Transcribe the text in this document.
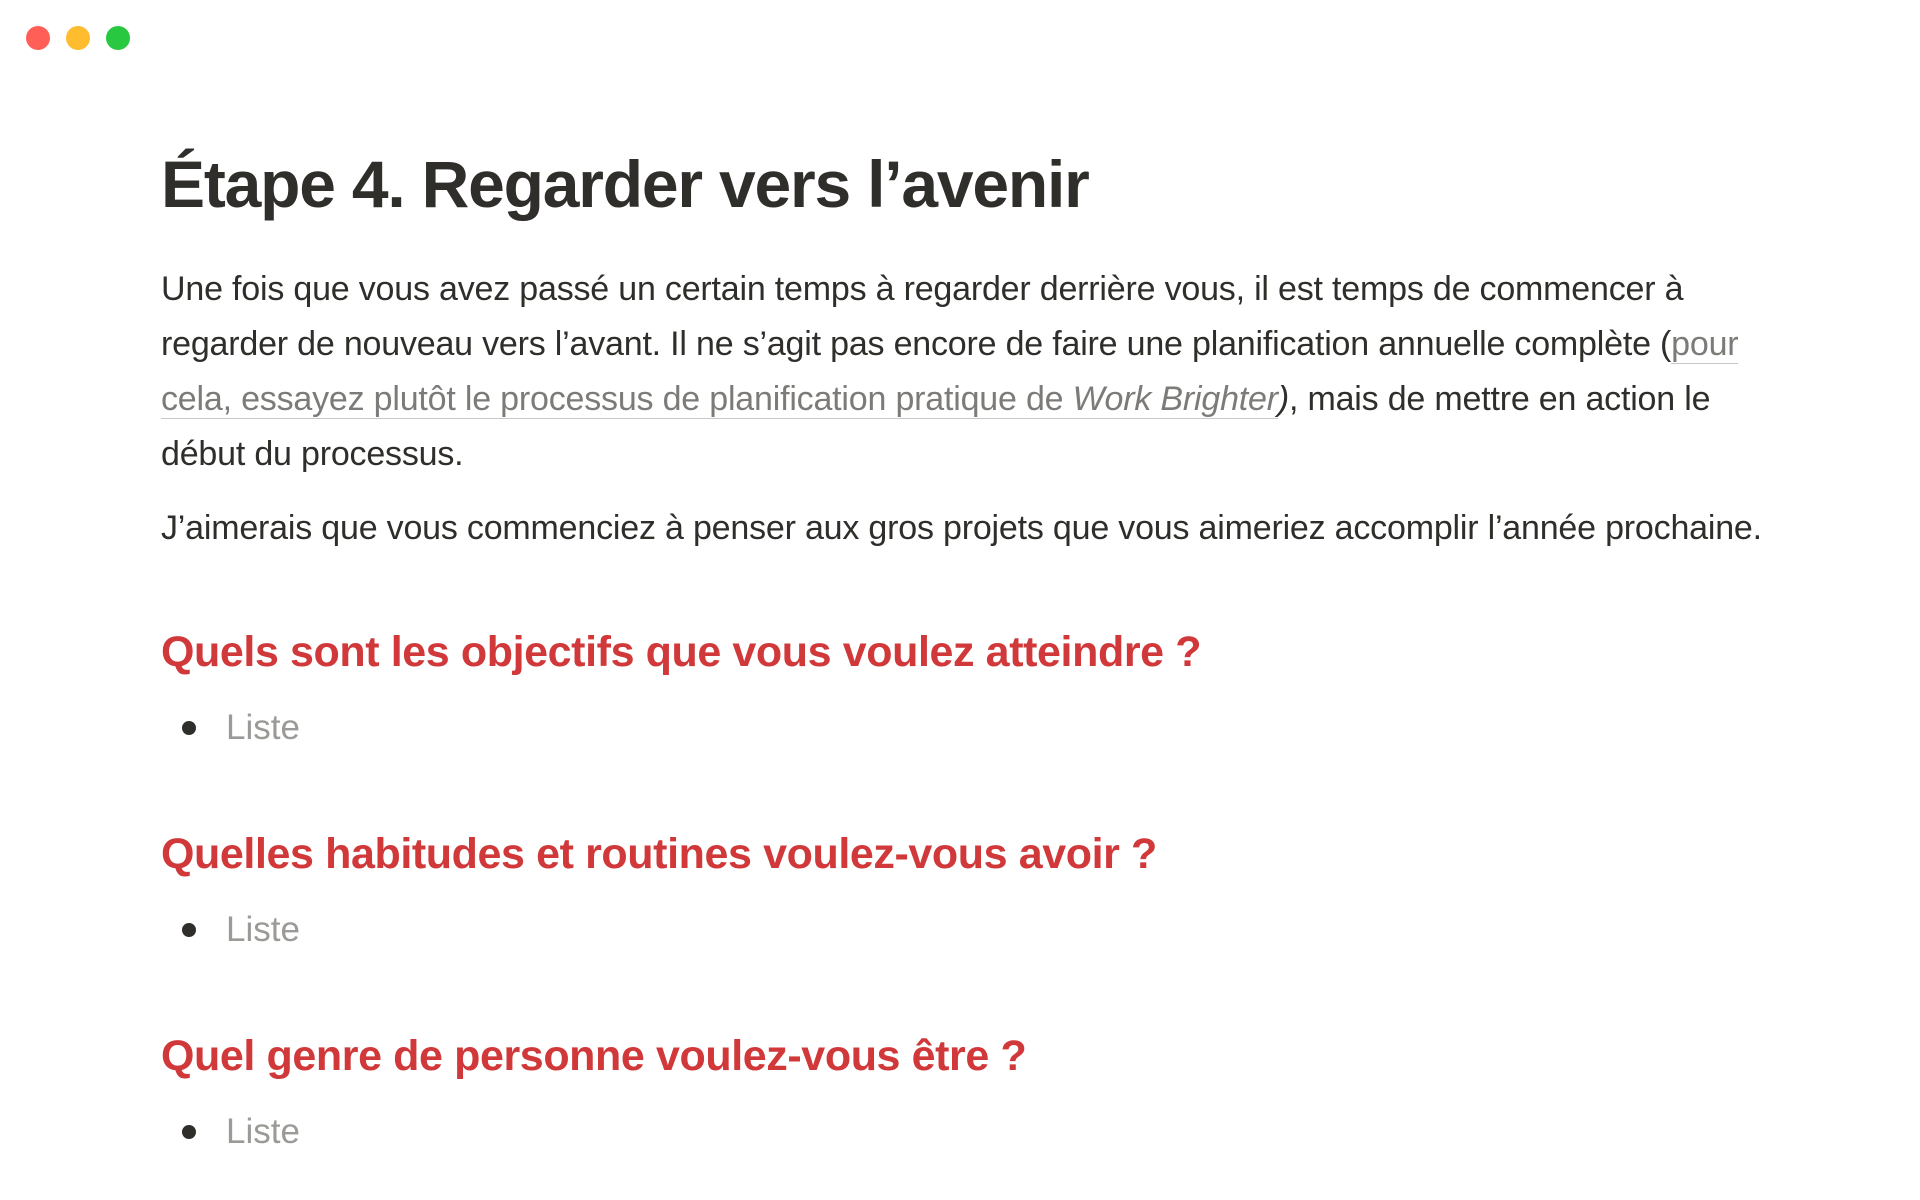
Étape 4. Regarder vers l’avenir

Une fois que vous avez passé un certain temps à regarder derrière vous, il est temps de commencer à regarder de nouveau vers l’avant. Il ne s’agit pas encore de faire une planification annuelle complète (pour cela, essayez plutôt le processus de planification pratique de Work Brighter), mais de mettre en action le début du processus.

J’aimerais que vous commenciez à penser aux gros projets que vous aimeriez accomplir l’année prochaine.

Quels sont les objectifs que vous voulez atteindre ?
Liste
Quelles habitudes et routines voulez-vous avoir ?
Liste
Quel genre de personne voulez-vous être ?
Liste
